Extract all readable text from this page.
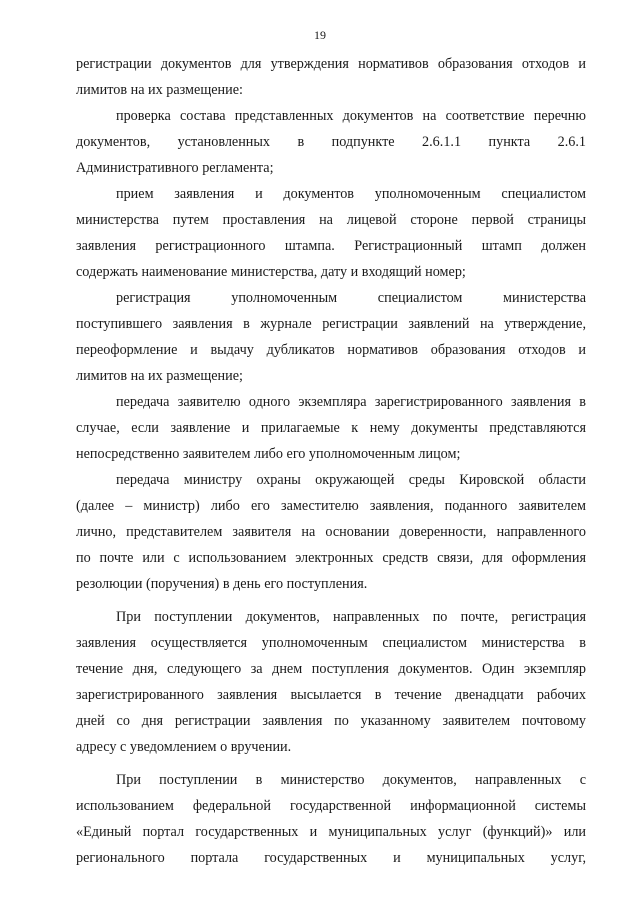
19
регистрации документов для утверждения нормативов образования отходов и
лимитов на их размещение:
проверка состава представленных документов на соответствие перечню
документов, установленных в подпункте 2.6.1.1 пункта 2.6.1
Административного регламента;
прием заявления и документов уполномоченным специалистом
министерства путем проставления на лицевой стороне первой страницы
заявления регистрационного штампа. Регистрационный штамп должен
содержать наименование министерства, дату и входящий номер;
регистрация уполномоченным специалистом министерства
поступившего заявления в журнале регистрации заявлений на утверждение,
переоформление и выдачу дубликатов нормативов образования отходов и
лимитов на их размещение;
передача заявителю одного экземпляра зарегистрированного заявления в
случае, если заявление и прилагаемые к нему документы представляются
непосредственно заявителем либо его уполномоченным лицом;
передача министру охраны окружающей среды Кировской области
(далее – министр) либо его заместителю заявления, поданного заявителем
лично, представителем заявителя на основании доверенности, направленного
по почте или с использованием электронных средств связи, для оформления
резолюции (поручения) в день его поступления.
При поступлении документов, направленных по почте, регистрация
заявления осуществляется уполномоченным специалистом министерства в
течение дня, следующего за днем поступления документов. Один экземпляр
зарегистрированного заявления высылается в течение двенадцати рабочих
дней со дня регистрации заявления по указанному заявителем почтовому
адресу с уведомлением о вручении.
При поступлении в министерство документов, направленных с
использованием федеральной государственной информационной системы
«Единый портал государственных и муниципальных услуг (функций)» или
регионального портала государственных и муниципальных услуг,
